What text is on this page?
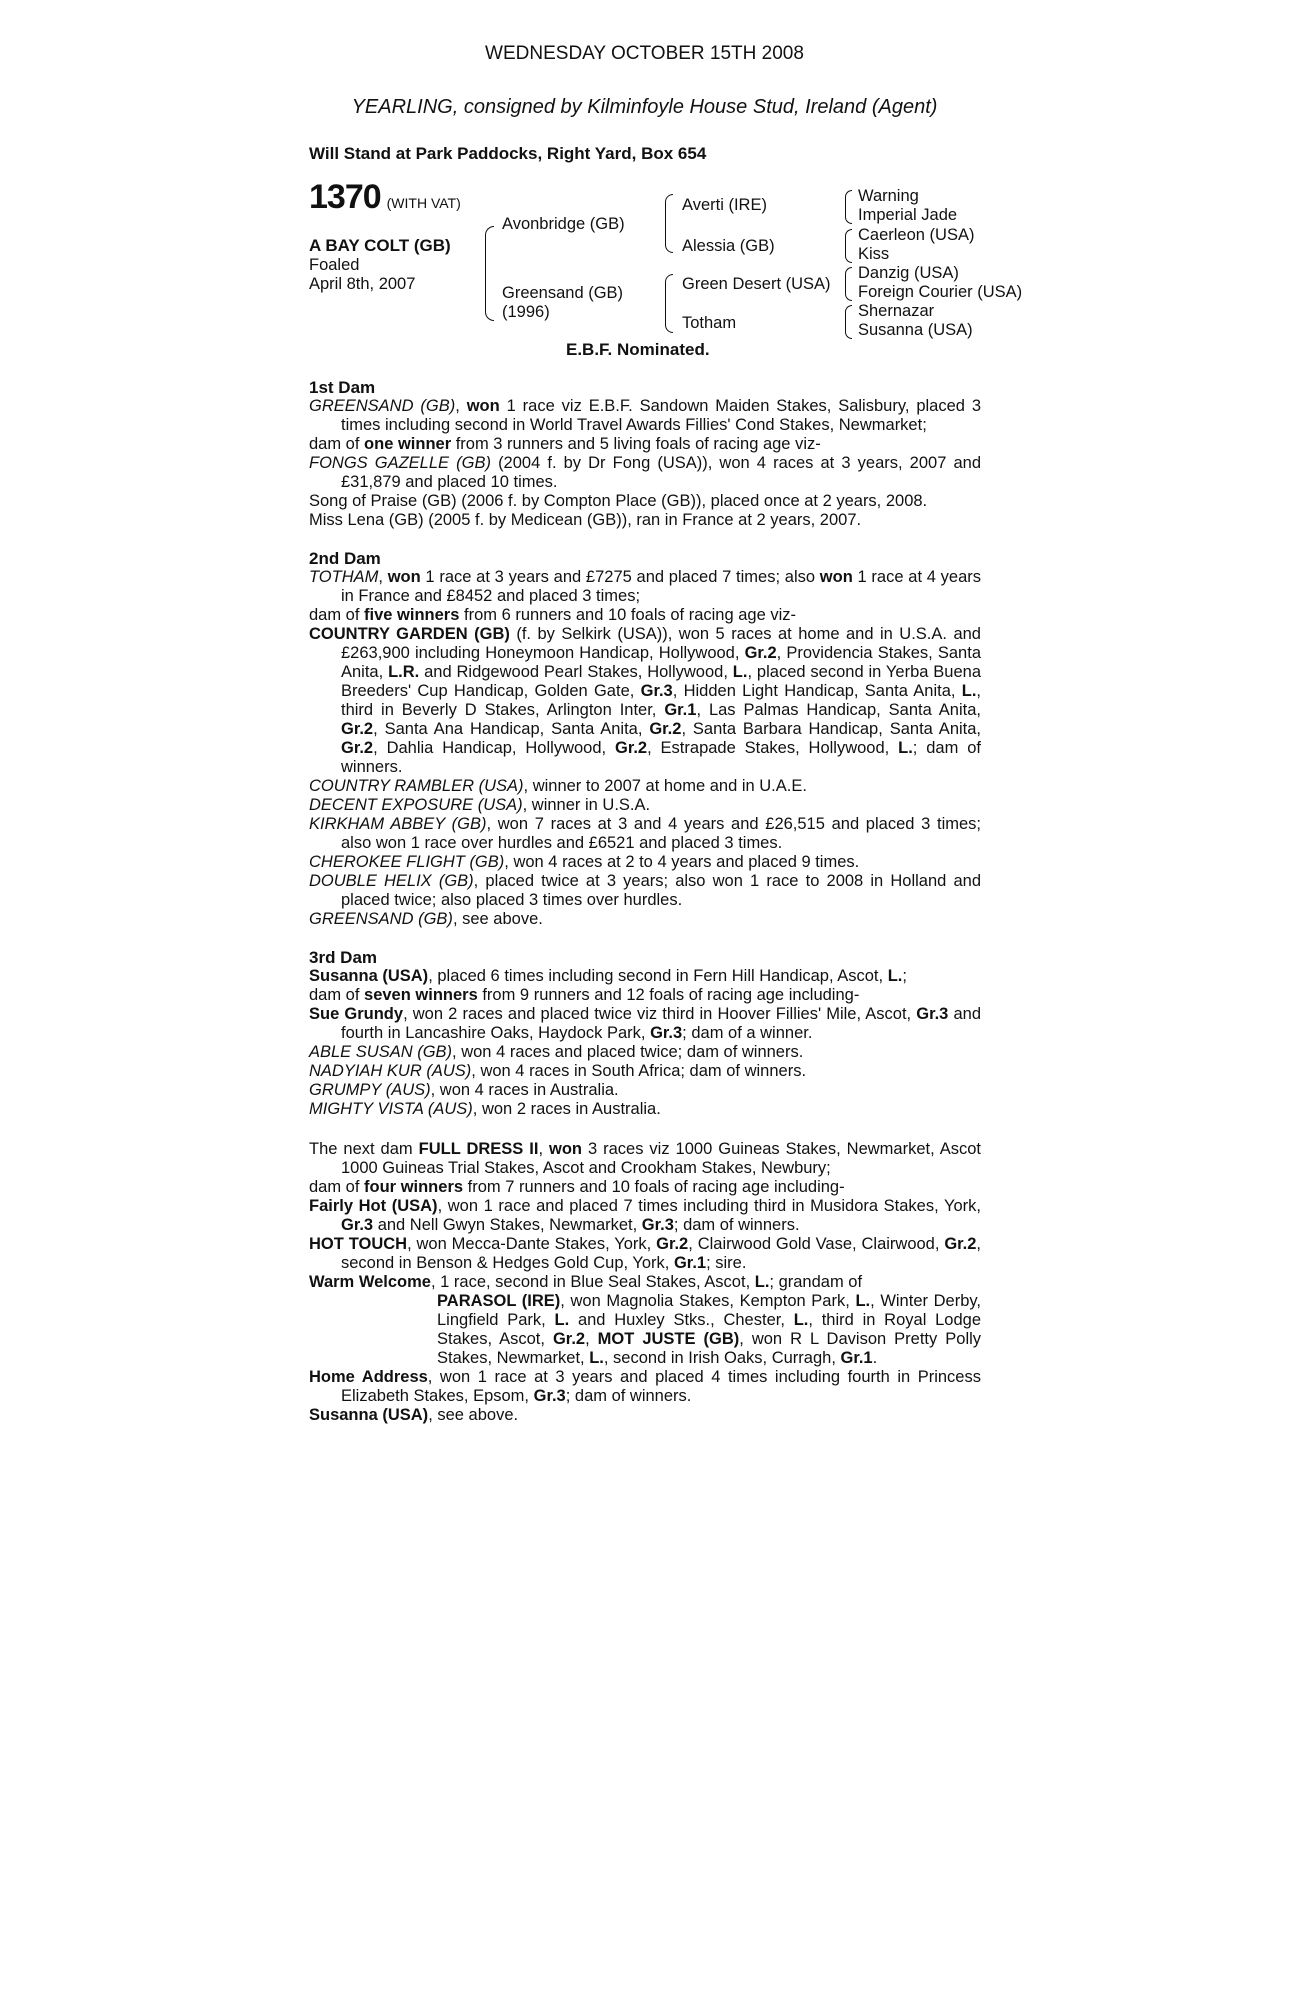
WEDNESDAY OCTOBER 15TH 2008
YEARLING, consigned by Kilminfoyle House Stud, Ireland (Agent)
Will Stand at Park Paddocks, Right Yard, Box 654
1370 (WITH VAT)
A BAY COLT (GB)
Foaled
April 8th, 2007
Avonbridge (GB)
Greensand (GB)
(1996)
Averti (IRE)
Alessia (GB)
Green Desert (USA)
Totham
Warning
Imperial Jade
Caerleon (USA)
Kiss
Danzig (USA)
Foreign Courier (USA)
Shernazar
Susanna (USA)
E.B.F. Nominated.

1st Dam

GREENSAND (GB), won 1 race viz E.B.F. Sandown Maiden Stakes, Salisbury, placed 3 times including second in World Travel Awards Fillies' Cond Stakes, Newmarket;

dam of one winner from 3 runners and 5 living foals of racing age viz-

FONGS GAZELLE (GB) (2004 f. by Dr Fong (USA)), won 4 races at 3 years, 2007 and £31,879 and placed 10 times.

Song of Praise (GB) (2006 f. by Compton Place (GB)), placed once at 2 years, 2008.

Miss Lena (GB) (2005 f. by Medicean (GB)), ran in France at 2 years, 2007.

2nd Dam

TOTHAM, won 1 race at 3 years and £7275 and placed 7 times; also won 1 race at 4 years in France and £8452 and placed 3 times;

dam of five winners from 6 runners and 10 foals of racing age viz-

COUNTRY GARDEN (GB) (f. by Selkirk (USA)), won 5 races at home and in U.S.A. and £263,900 including Honeymoon Handicap, Hollywood, Gr.2, Providencia Stakes, Santa Anita, L.R. and Ridgewood Pearl Stakes, Hollywood, L., placed second in Yerba Buena Breeders' Cup Handicap, Golden Gate, Gr.3, Hidden Light Handicap, Santa Anita, L., third in Beverly D Stakes, Arlington Inter, Gr.1, Las Palmas Handicap, Santa Anita, Gr.2, Santa Ana Handicap, Santa Anita, Gr.2, Santa Barbara Handicap, Santa Anita, Gr.2, Dahlia Handicap, Hollywood, Gr.2, Estrapade Stakes, Hollywood, L.; dam of winners.

COUNTRY RAMBLER (USA), winner to 2007 at home and in U.A.E.

DECENT EXPOSURE (USA), winner in U.S.A.

KIRKHAM ABBEY (GB), won 7 races at 3 and 4 years and £26,515 and placed 3 times; also won 1 race over hurdles and £6521 and placed 3 times.

CHEROKEE FLIGHT (GB), won 4 races at 2 to 4 years and placed 9 times.

DOUBLE HELIX (GB), placed twice at 3 years; also won 1 race to 2008 in Holland and placed twice; also placed 3 times over hurdles.

GREENSAND (GB), see above.

3rd Dam

Susanna (USA), placed 6 times including second in Fern Hill Handicap, Ascot, L.;

dam of seven winners from 9 runners and 12 foals of racing age including-

Sue Grundy, won 2 races and placed twice viz third in Hoover Fillies' Mile, Ascot, Gr.3 and fourth in Lancashire Oaks, Haydock Park, Gr.3; dam of a winner.

ABLE SUSAN (GB), won 4 races and placed twice; dam of winners.

NADYIAH KUR (AUS), won 4 races in South Africa; dam of winners.

GRUMPY (AUS), won 4 races in Australia.

MIGHTY VISTA (AUS), won 2 races in Australia.

The next dam FULL DRESS II, won 3 races viz 1000 Guineas Stakes, Newmarket, Ascot 1000 Guineas Trial Stakes, Ascot and Crookham Stakes, Newbury;

dam of four winners from 7 runners and 10 foals of racing age including-

Fairly Hot (USA), won 1 race and placed 7 times including third in Musidora Stakes, York, Gr.3 and Nell Gwyn Stakes, Newmarket, Gr.3; dam of winners.

HOT TOUCH, won Mecca-Dante Stakes, York, Gr.2, Clairwood Gold Vase, Clairwood, Gr.2, second in Benson & Hedges Gold Cup, York, Gr.1; sire.

Warm Welcome, 1 race, second in Blue Seal Stakes, Ascot, L.; grandam of

PARASOL (IRE), won Magnolia Stakes, Kempton Park, L., Winter Derby, Lingfield Park, L. and Huxley Stks., Chester, L., third in Royal Lodge Stakes, Ascot, Gr.2, MOT JUSTE (GB), won R L Davison Pretty Polly Stakes, Newmarket, L., second in Irish Oaks, Curragh, Gr.1.

Home Address, won 1 race at 3 years and placed 4 times including fourth in Princess Elizabeth Stakes, Epsom, Gr.3; dam of winners.

Susanna (USA), see above.
